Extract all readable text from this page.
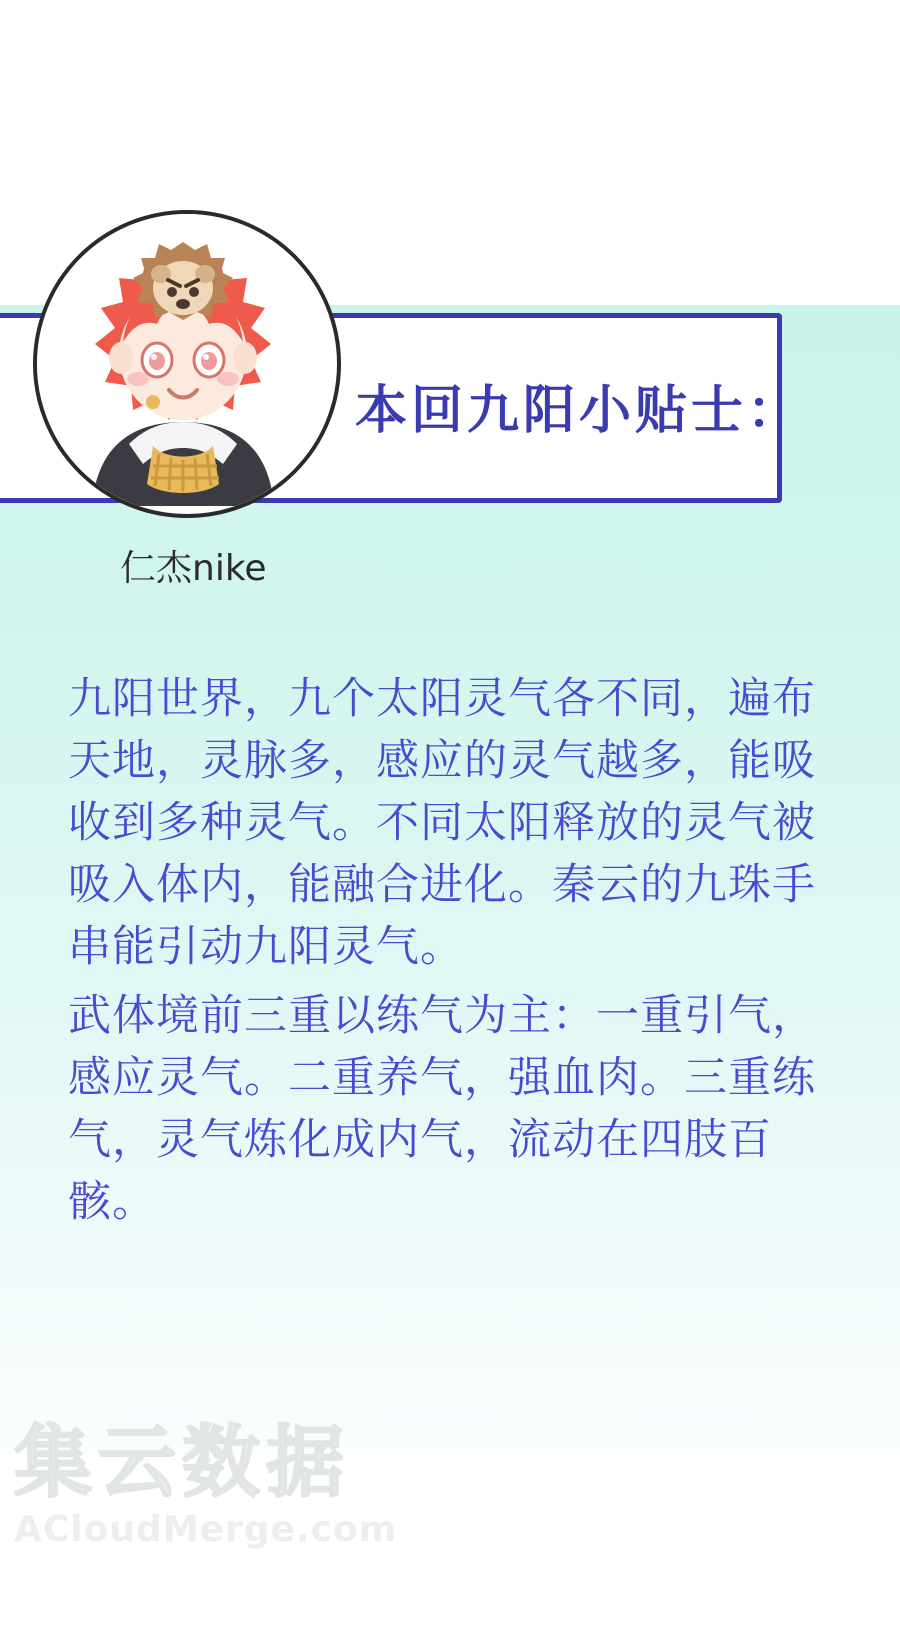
本回九阳小贴士：
仁杰nike
九阳世界，九个太阳灵气各不同，遍布天地，灵脉多，感应的灵气越多，能吸收到多种灵气。不同太阳释放的灵气被吸入体内，能融合进化。秦云的九珠手串能引动九阳灵气。
武体境前三重以练气为主：一重引气，感应灵气。二重养气，强血肉。三重练气，灵气炼化成内气，流动在四肢百骸。
集云数据
ACloudMerge.com
